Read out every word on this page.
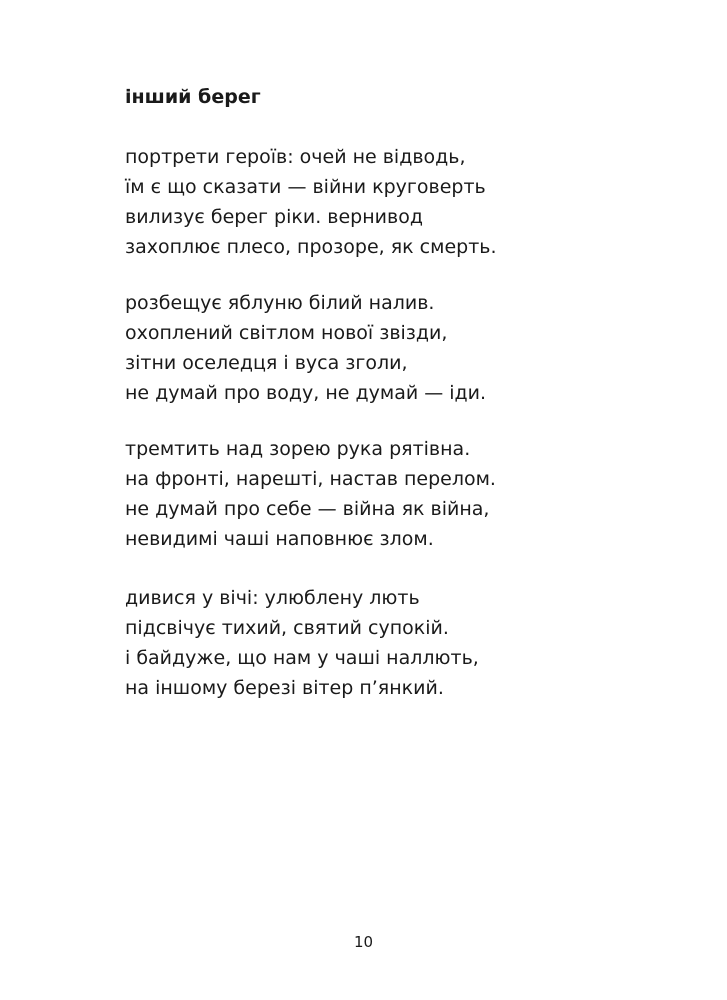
інший берег
портрети героїв: очей не відводь,
їм є що сказати — війни круговерть
вилизує берег ріки. вернивод
захоплює плесо, прозоре, як смерть.
розбещує яблуню білий налив.
охоплений світлом нової звізди,
зітни оселедця і вуса зголи,
не думай про воду, не думай — іди.
тремтить над зорею рука рятівна.
на фронті, нарешті, настав перелом.
не думай про себе — війна як війна,
невидимі чаші наповнює злом.
дивися у вічі: улюблену лють
підсвічує тихий, святий супокій.
і байдуже, що нам у чаші наллють,
на іншому березі вітер п’янкий.
10
